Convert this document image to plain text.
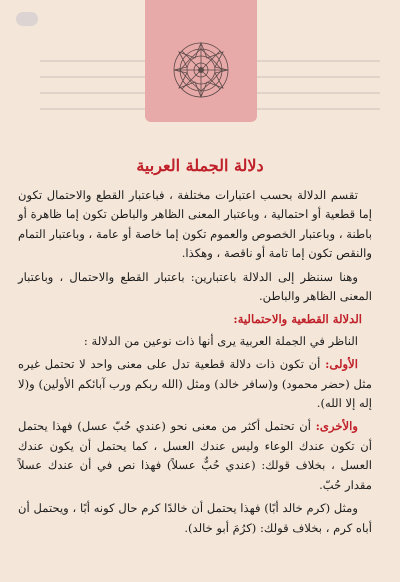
دلالة الجملة العربية

تقسم الدلالة بحسب اعتبارات مختلفة ، فباعتبار القطع والاحتمال تكون إما قطعية أو احتمالية ، وباعتبار المعنى الظاهر والباطن تكون إما ظاهرة أو باطنة ، وباعتبار الخصوص والعموم تكون إما خاصة أو عامة ، وباعتبار التمام والنقص تكون إما تامة أو ناقصة ، وهكذا.

وهنا سننظر إلى الدلالة باعتبارين: باعتبار القطع والاحتمال ، وباعتبار المعنى الظاهر والباطن.

الدلالة القطعية والاحتمالية:

الناظر في الجملة العربية يرى أنها ذات نوعين من الدلالة :

الأولى: أن تكون ذات دلالة قطعية تدل على معنى واحد لا تحتمل غيره مثل (حضر محمود) و(سافر خالد) ومثل (الله ربكم ورب آبائكم الأولين) و(لا إله إلا الله).

والأخرى: أن تحتمل أكثر من معنى نحو (عندي حُبّ عسل) فهذا يحتمل أن تكون عندك الوعاء وليس عندك العسل ، كما يحتمل أن يكون عندك العسل ، بخلاف قولك: (عندي حُبٌّ عسلاً) فهذا نص في أن عندك عسلاً مقدار حُبّ.

ومثل (كرم خالد أبًا) فهذا يحتمل أن خالدًا كرم حال كونه أبًا ، ويحتمل أن أباه كرم ، بخلاف قولك: (كرُمَ أبو خالد).
